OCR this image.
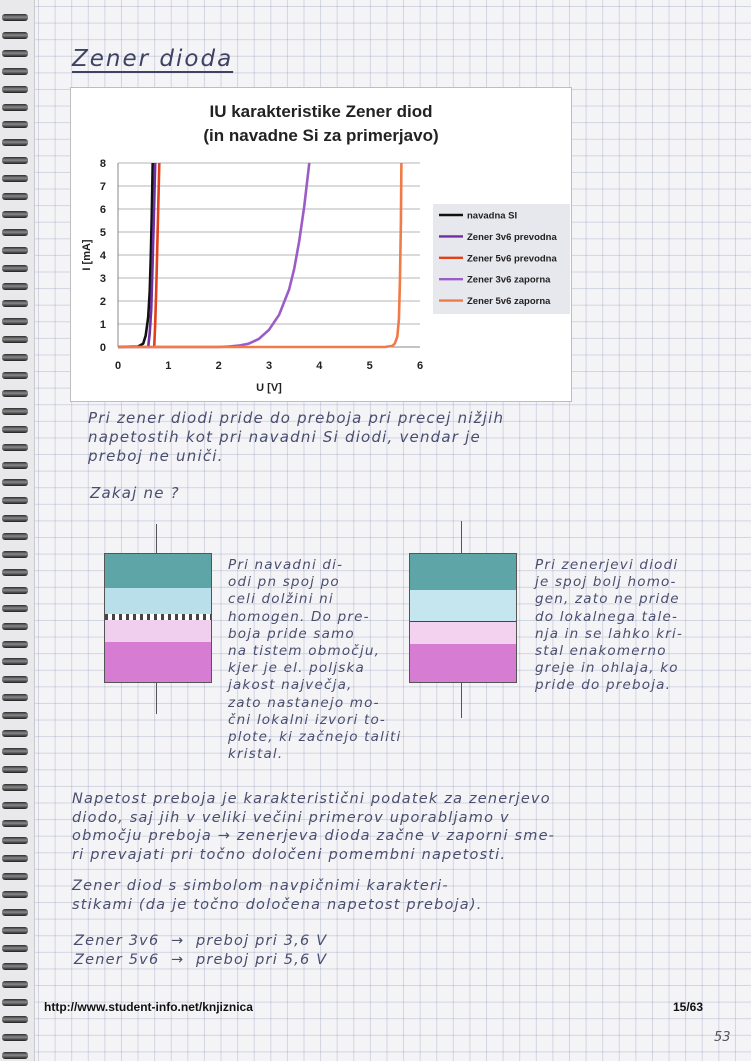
Zener dioda
IU karakteristike Zener diod
(in navadne Si za primerjavo)
0
1
2
3
4
5
6
7
8
0	1	2	3	4	5	6
U [V]
I [mA]
navadna SI
Zener 3v6 prevodna
Zener 5v6 prevodna
Zener 3v6 zaporna
Zener 5v6 zaporna
Pri zener diodi pride do preboja pri precej nižjih
napetostih kot pri navadni Si diodi, vendar je
preboj ne uniči.
Zakaj ne ?
Pri navadni di-
odi pn spoj po
celi dolžini ni
homogen. Do pre-
boja pride samo
na tistem območju,
kjer je el. poljska
jakost največja,
zato nastanejo mo-
čni lokalni izvori to-
plote, ki začnejo taliti
kristal.
Pri zenerjevi diodi
je spoj bolj homo-
gen, zato ne pride
do lokalnega tale-
nja in se lahko kri-
stal enakomerno
greje in ohlaja, ko
pride do preboja.
Napetost preboja je karakteristični podatek za zenerjevo
diodo, saj jih v veliki večini primerov uporabljamo v
območju preboja → zenerjeva dioda začne v zaporni sme-
ri prevajati pri točno določeni pomembni napetosti.
Zener diod s simbolom navpičnimi karakteri-
stikami (da je točno določena napetost preboja).
Zener 3v6  →  preboj pri 3,6 V
Zener 5v6  →  preboj pri 5,6 V
http://www.student-info.net/knjiznica	15/63
53
